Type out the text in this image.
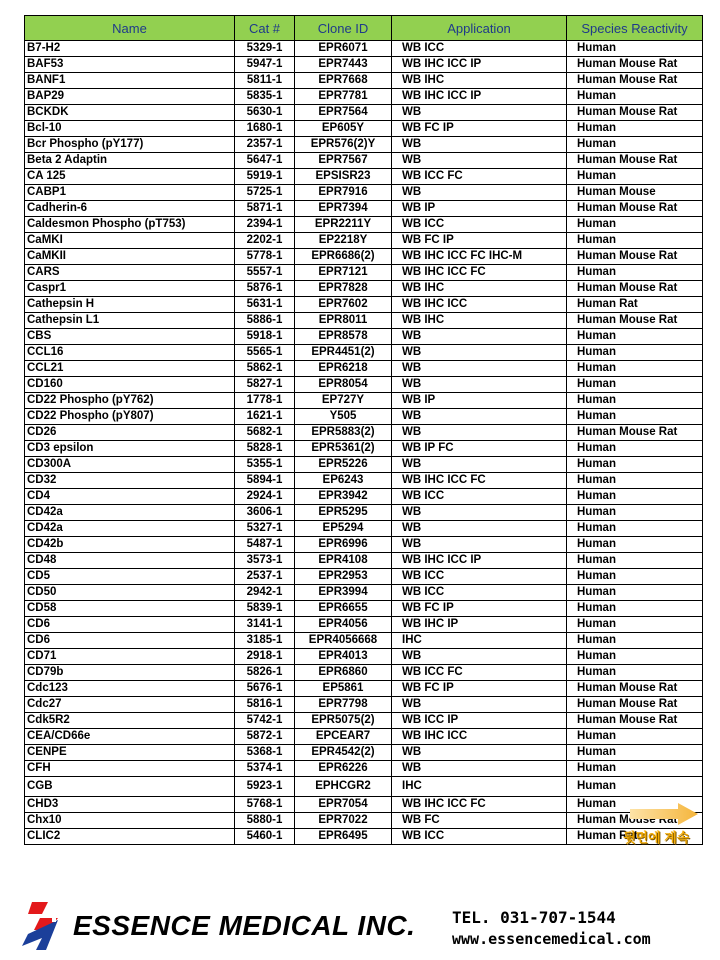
Name	Cat #	Clone ID	Application	Species Reactivity
B7-H2	5329-1	EPR6071	WB ICC	Human
BAF53	5947-1	EPR7443	WB IHC ICC IP	Human Mouse Rat
BANF1	5811-1	EPR7668	WB IHC	Human Mouse Rat
BAP29	5835-1	EPR7781	WB IHC ICC IP	Human
BCKDK	5630-1	EPR7564	WB	Human Mouse Rat
Bcl-10	1680-1	EP605Y	WB FC IP	Human
Bcr Phospho (pY177)	2357-1	EPR576(2)Y	WB	Human
Beta 2 Adaptin	5647-1	EPR7567	WB	Human Mouse Rat
CA 125	5919-1	EPSISR23	WB ICC FC	Human
CABP1	5725-1	EPR7916	WB	Human Mouse
Cadherin-6	5871-1	EPR7394	WB IP	Human Mouse Rat
Caldesmon Phospho (pT753)	2394-1	EPR2211Y	WB ICC	Human
CaMKI	2202-1	EP2218Y	WB FC IP	Human
CaMKII	5778-1	EPR6686(2)	WB IHC ICC FC IHC-M	Human Mouse Rat
CARS	5557-1	EPR7121	WB IHC ICC FC	Human
Caspr1	5876-1	EPR7828	WB IHC	Human Mouse Rat
Cathepsin H	5631-1	EPR7602	WB IHC ICC	Human Rat
Cathepsin L1	5886-1	EPR8011	WB IHC	Human Mouse Rat
CBS	5918-1	EPR8578	WB	Human
CCL16	5565-1	EPR4451(2)	WB	Human
CCL21	5862-1	EPR6218	WB	Human
CD160	5827-1	EPR8054	WB	Human
CD22 Phospho (pY762)	1778-1	EP727Y	WB IP	Human
CD22 Phospho (pY807)	1621-1	Y505	WB	Human
CD26	5682-1	EPR5883(2)	WB	Human Mouse Rat
CD3 epsilon	5828-1	EPR5361(2)	WB IP FC	Human
CD300A	5355-1	EPR5226	WB	Human
CD32	5894-1	EP6243	WB IHC ICC FC	Human
CD4	2924-1	EPR3942	WB ICC	Human
CD42a	3606-1	EPR5295	WB	Human
CD42a	5327-1	EP5294	WB	Human
CD42b	5487-1	EPR6996	WB	Human
CD48	3573-1	EPR4108	WB IHC ICC IP	Human
CD5	2537-1	EPR2953	WB ICC	Human
CD50	2942-1	EPR3994	WB ICC	Human
CD58	5839-1	EPR6655	WB FC IP	Human
CD6	3141-1	EPR4056	WB IHC IP	Human
CD6	3185-1	EPR4056668	IHC	Human
CD71	2918-1	EPR4013	WB	Human
CD79b	5826-1	EPR6860	WB ICC FC	Human
Cdc123	5676-1	EP5861	WB FC IP	Human Mouse Rat
Cdc27	5816-1	EPR7798	WB	Human Mouse Rat
Cdk5R2	5742-1	EPR5075(2)	WB ICC IP	Human Mouse Rat
CEA/CD66e	5872-1	EPCEAR7	WB IHC ICC	Human
CENPE	5368-1	EPR4542(2)	WB	Human
CFH	5374-1	EPR6226	WB	Human
CGB	5923-1	EPHCGR2	IHC	Human
CHD3	5768-1	EPR7054	WB IHC ICC FC	Human
Chx10	5880-1	EPR7022	WB FC	Human Mouse Rat
CLIC2	5460-1	EPR6495	WB ICC	Human Rat
뒷면에 계속
ESSENCE MEDICAL INC. TEL. 031-707-1544
www.essencemedical.com
